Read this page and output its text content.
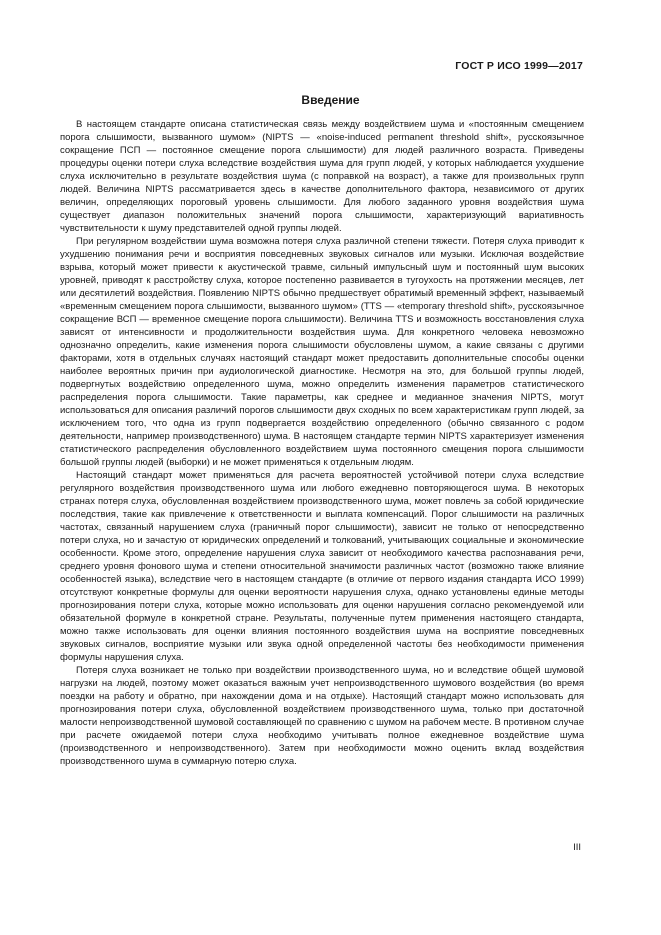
ГОСТ Р ИСО 1999—2017
Введение

В настоящем стандарте описана статистическая связь между воздействием шума и «постоянным смещением порога слышимости, вызванного шумом» (NIPTS — «noise-induced permanent threshold shift», русскоязычное сокращение ПСП — постоянное смещение порога слышимости) для людей различного возраста. Приведены процедуры оценки потери слуха вследствие воздействия шума для групп людей, у которых наблюдается ухудшение слуха исключительно в результате воздействия шума (с поправкой на возраст), а также для произвольных групп людей. Величина NIPTS рассматривается здесь в качестве дополнительного фактора, независимого от других величин, определяющих пороговый уровень слышимости. Для любого заданного уровня воздействия шума существует диапазон положительных значений порога слышимости, характеризующий вариативность чувствительности к шуму представителей одной группы людей.

При регулярном воздействии шума возможна потеря слуха различной степени тяжести. Потеря слуха приводит к ухудшению понимания речи и восприятия повседневных звуковых сигналов или музыки. Исключая воздействие взрыва, который может привести к акустической травме, сильный импульсный шум и постоянный шум высоких уровней, приводят к расстройству слуха, которое постепенно развивается в тугоухость на протяжении месяцев, лет или десятилетий воздействия. Появлению NIPTS обычно предшествует обратимый временный эффект, называемый «временным смещением порога слышимости, вызванного шумом» (TTS — «temporary threshold shift», русскоязычное сокращение ВСП — временное смещение порога слышимости). Величина TTS и возможность восстановления слуха зависят от интенсивности и продолжительности воздействия шума. Для конкретного человека невозможно однозначно определить, какие изменения порога слышимости обусловлены шумом, а какие связаны с другими факторами, хотя в отдельных случаях настоящий стандарт может предоставить дополнительные способы оценки наиболее вероятных причин при аудиологической диагностике. Несмотря на это, для большой группы людей, подвергнутых воздействию определенного шума, можно определить изменения параметров статистического распределения порога слышимости. Такие параметры, как среднее и медианное значения NIPTS, могут использоваться для описания различий порогов слышимости двух сходных по всем характеристикам групп людей, за исключением того, что одна из групп подвергается воздействию определенного (обычно связанного с родом деятельности, например производственного) шума. В настоящем стандарте термин NIPTS характеризует изменения статистического распределения обусловленного воздействием шума постоянного смещения порога слышимости большой группы людей (выборки) и не может применяться к отдельным людям.

Настоящий стандарт может применяться для расчета вероятностей устойчивой потери слуха вследствие регулярного воздействия производственного шума или любого ежедневно повторяющегося шума. В некоторых странах потеря слуха, обусловленная воздействием производственного шума, может повлечь за собой юридические последствия, такие как привлечение к ответственности и выплата компенсаций. Порог слышимости на различных частотах, связанный нарушением слуха (граничный порог слышимости), зависит не только от непосредственно потери слуха, но и зачастую от юридических определений и толкований, учитывающих социальные и экономические особенности. Кроме этого, определение нарушения слуха зависит от необходимого качества распознавания речи, среднего уровня фонового шума и степени относительной значимости различных частот (возможно также влияние особенностей языка), вследствие чего в настоящем стандарте (в отличие от первого издания стандарта ИСО 1999) отсутствуют конкретные формулы для оценки вероятности нарушения слуха, однако установлены единые методы прогнозирования потери слуха, которые можно использовать для оценки нарушения согласно рекомендуемой или обязательной формуле в конкретной стране. Результаты, полученные путем применения настоящего стандарта, можно также использовать для оценки влияния постоянного воздействия шума на восприятие повседневных звуковых сигналов, восприятие музыки или звука одной определенной частоты без необходимости применения формулы нарушения слуха.

Потеря слуха возникает не только при воздействии производственного шума, но и вследствие общей шумовой нагрузки на людей, поэтому может оказаться важным учет непроизводственного шумового воздействия (во время поездки на работу и обратно, при нахождении дома и на отдыхе). Настоящий стандарт можно использовать для прогнозирования потери слуха, обусловленной воздействием производственного шума, только при достаточной малости непроизводственной шумовой составляющей по сравнению с шумом на рабочем месте. В противном случае при расчете ожидаемой потери слуха необходимо учитывать полное ежедневное воздействие шума (производственного и непроизводственного). Затем при необходимости можно оценить вклад воздействия производственного шума в суммарную потерю слуха.

III
